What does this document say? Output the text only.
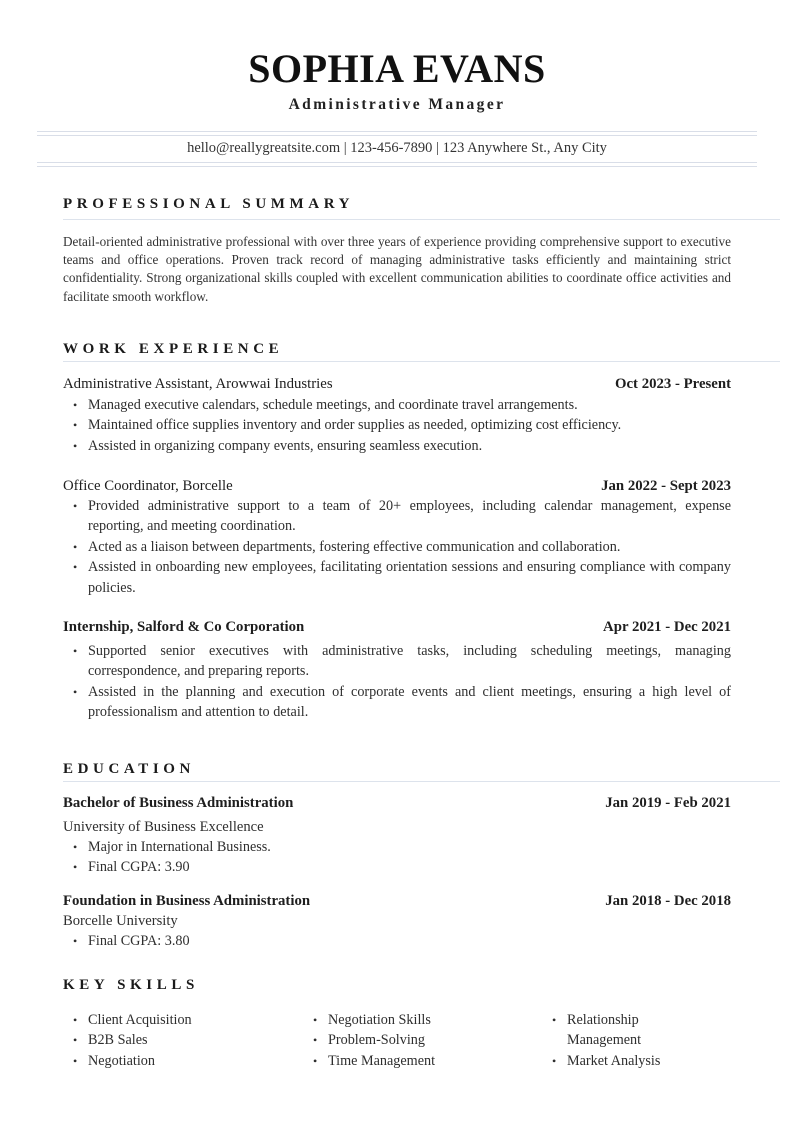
SOPHIA EVANS
Administrative Manager
hello@reallygreatsite.com | 123-456-7890 | 123 Anywhere St., Any City
PROFESSIONAL SUMMARY

Detail-oriented administrative professional with over three years of experience providing comprehensive support to executive teams and office operations. Proven track record of managing administrative tasks efficiently and maintaining strict confidentiality. Strong organizational skills coupled with excellent communication abilities to coordinate office activities and facilitate smooth workflow.

WORK EXPERIENCE
Administrative Assistant, Arowwai Industries	Oct 2023 - Present
• Managed executive calendars, schedule meetings, and coordinate travel arrangements.
• Maintained office supplies inventory and order supplies as needed, optimizing cost efficiency.
• Assisted in organizing company events, ensuring seamless execution.
Office Coordinator, Borcelle	Jan 2022 - Sept 2023
• Provided administrative support to a team of 20+ employees, including calendar management, expense reporting, and meeting coordination.
• Acted as a liaison between departments, fostering effective communication and collaboration.
• Assisted in onboarding new employees, facilitating orientation sessions and ensuring compliance with company policies.
Internship, Salford & Co Corporation	Apr 2021 - Dec 2021
• Supported senior executives with administrative tasks, including scheduling meetings, managing correspondence, and preparing reports.
• Assisted in the planning and execution of corporate events and client meetings, ensuring a high level of professionalism and attention to detail.
EDUCATION
Bachelor of Business Administration	Jan 2019 - Feb 2021
University of Business Excellence
• Major in International Business.
• Final CGPA: 3.90
Foundation in Business Administration	Jan 2018 - Dec 2018
Borcelle University
• Final CGPA: 3.80
KEY SKILLS
• Client Acquisition
• B2B Sales
• Negotiation
• Negotiation Skills
• Problem-Solving
• Time Management
• Relationship Management
• Market Analysis
